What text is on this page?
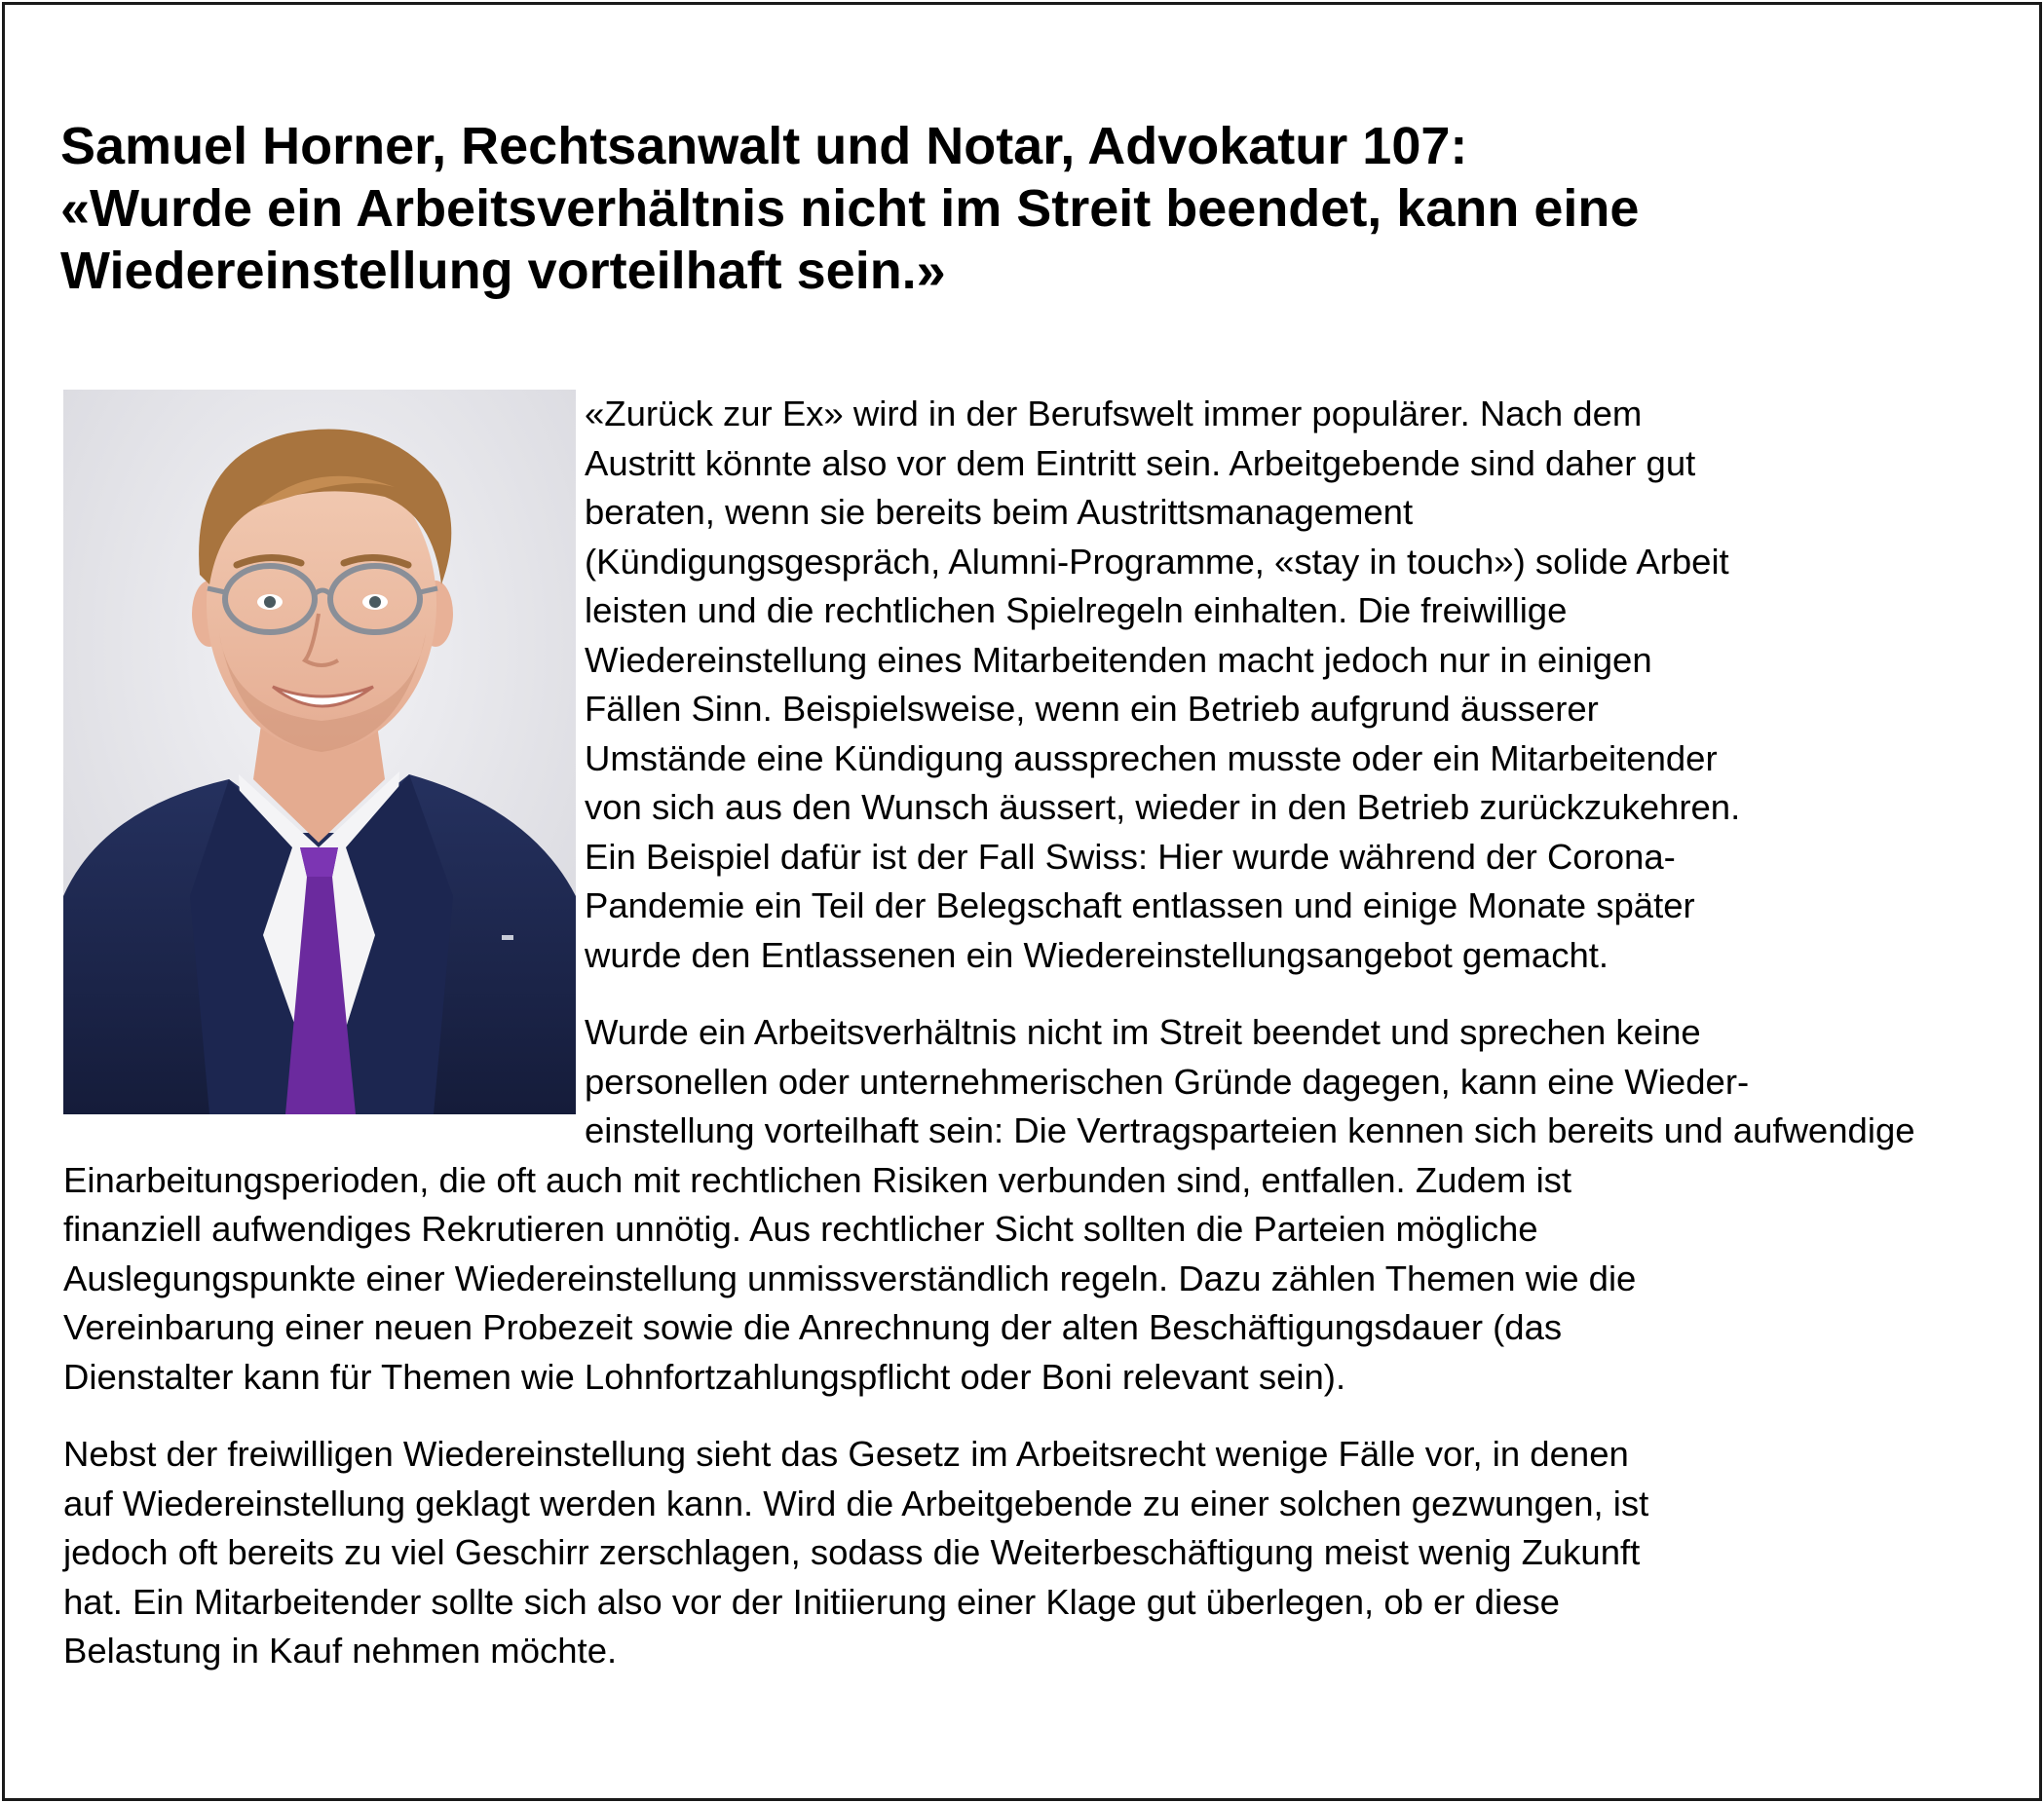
Samuel Horner, Rechtsanwalt und Notar, Advokatur 107:
«Wurde ein Arbeitsverhältnis nicht im Streit beendet, kann eine
Wiedereinstellung vorteilhaft sein.»

«Zurück zur Ex» wird in der Berufswelt immer populärer. Nach dem
Austritt könnte also vor dem Eintritt sein. Arbeitgebende sind daher gut
beraten, wenn sie bereits beim Austrittsmanagement
(Kündigungsgespräch, Alumni-Programme, «stay in touch») solide Arbeit
leisten und die rechtlichen Spielregeln einhalten. Die freiwillige
Wiedereinstellung eines Mitarbeitenden macht jedoch nur in einigen
Fällen Sinn. Beispielsweise, wenn ein Betrieb aufgrund äusserer
Umstände eine Kündigung aussprechen musste oder ein Mitarbeitender
von sich aus den Wunsch äussert, wieder in den Betrieb zurückzukehren.
Ein Beispiel dafür ist der Fall Swiss: Hier wurde während der Corona-
Pandemie ein Teil der Belegschaft entlassen und einige Monate später
wurde den Entlassenen ein Wiedereinstellungsangebot gemacht.

Wurde ein Arbeitsverhältnis nicht im Streit beendet und sprechen keine
personellen oder unternehmerischen Gründe dagegen, kann eine Wieder-
einstellung vorteilhaft sein: Die Vertragsparteien kennen sich bereits und aufwendige
Einarbeitungsperioden, die oft auch mit rechtlichen Risiken verbunden sind, entfallen. Zudem ist
finanziell aufwendiges Rekrutieren unnötig. Aus rechtlicher Sicht sollten die Parteien mögliche
Auslegungspunkte einer Wiedereinstellung unmissverständlich regeln. Dazu zählen Themen wie die
Vereinbarung einer neuen Probezeit sowie die Anrechnung der alten Beschäftigungsdauer (das
Dienstalter kann für Themen wie Lohnfortzahlungspflicht oder Boni relevant sein).

Nebst der freiwilligen Wiedereinstellung sieht das Gesetz im Arbeitsrecht wenige Fälle vor, in denen
auf Wiedereinstellung geklagt werden kann. Wird die Arbeitgebende zu einer solchen gezwungen, ist
jedoch oft bereits zu viel Geschirr zerschlagen, sodass die Weiterbeschäftigung meist wenig Zukunft
hat. Ein Mitarbeitender sollte sich also vor der Initiierung einer Klage gut überlegen, ob er diese
Belastung in Kauf nehmen möchte.
